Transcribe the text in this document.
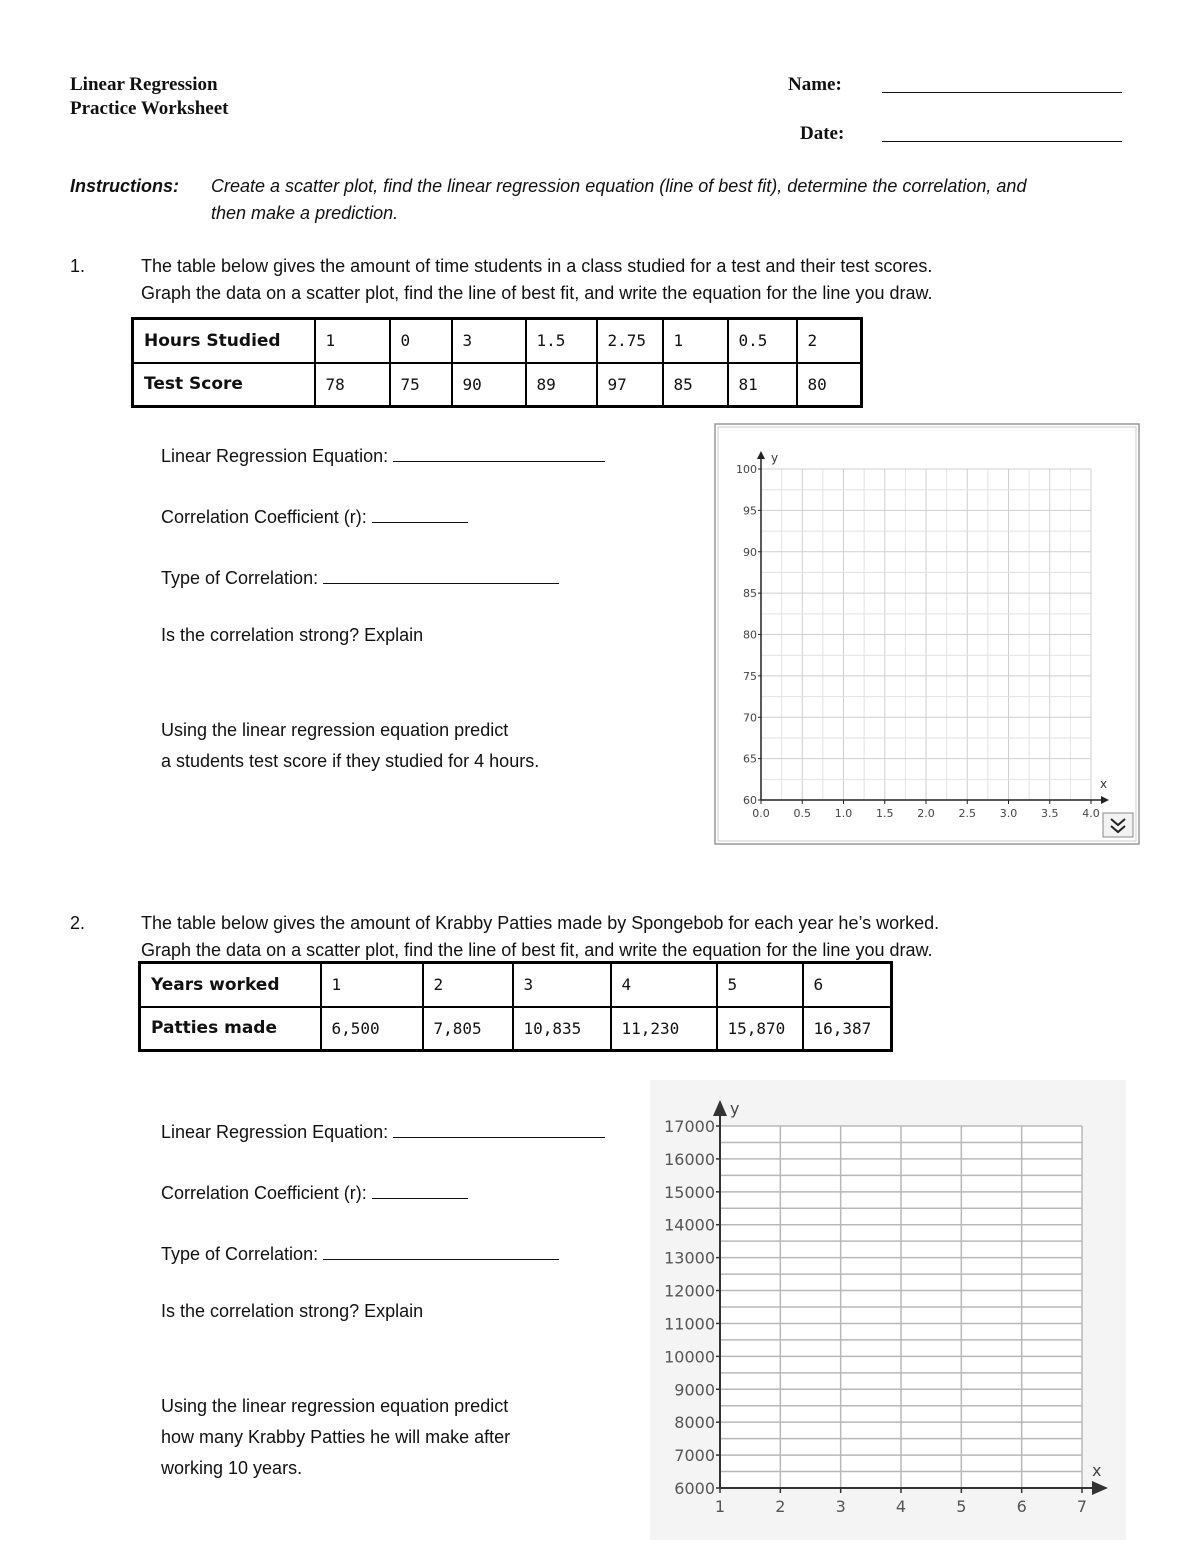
Linear Regression
Practice Worksheet
Name:
Date:
Instructions: Create a scatter plot, find the linear regression equation (line of best fit), determine the correlation, and
then make a prediction.
1.	The table below gives the amount of time students in a class studied for a test and their test scores.
Graph the data on a scatter plot, find the line of best fit, and write the equation for the line you draw.
Hours Studied	1	0	3	1.5	2.75	1	0.5	2
Test Score	78	75	90	89	97	85	81	80
Linear Regression Equation:
Correlation Coefficient (r):
Type of Correlation:
Is the correlation strong? Explain
Using the linear regression equation predict
a students test score if they studied for 4 hours.
0.0 0.5 1.0 1.5 2.0 2.5 3.0 3.5 4.0
60
65
70
75
80
85
90
95
100
y
x
2.	The table below gives the amount of Krabby Patties made by Spongebob for each year he’s worked.
Graph the data on a scatter plot, find the line of best fit, and write the equation for the line you draw.
Years worked	1	2	3	4	5	6
Patties made	6,500	7,805	10,835	11,230	15,870	16,387
Linear Regression Equation:
Correlation Coefficient (r):
Type of Correlation:
Is the correlation strong? Explain
Using the linear regression equation predict
how many Krabby Patties he will make after
working 10 years.
1	2	3	4	5	6	7
6000
7000
8000
9000
10000
11000
12000
13000
14000
15000
16000
17000
y
x
